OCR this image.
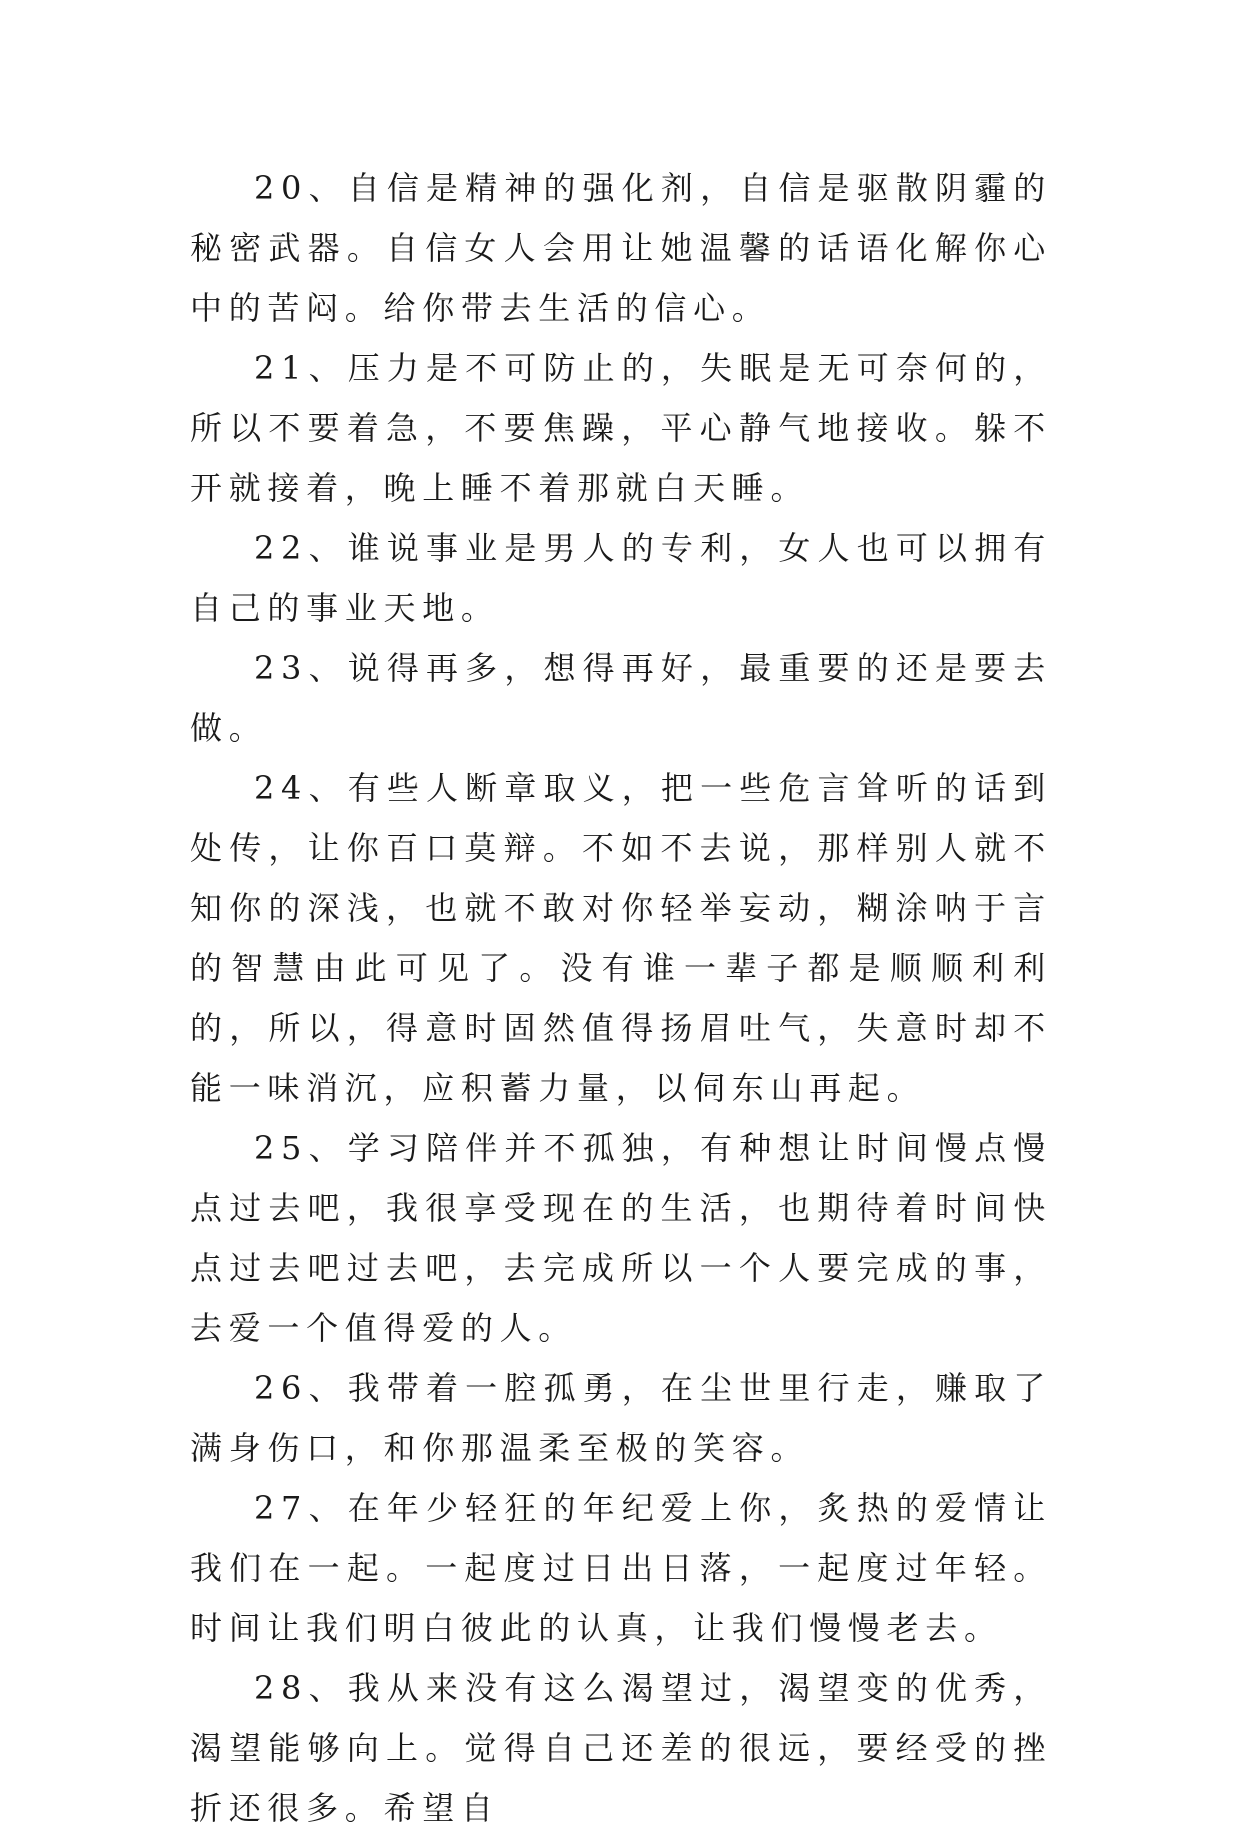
20、自信是精神的强化剂，自信是驱散阴霾的秘密武器。自信女人会用让她温馨的话语化解你心中的苦闷。给你带去生活的信心。

21、压力是不可防止的，失眠是无可奈何的，所以不要着急，不要焦躁，平心静气地接收。躲不开就接着，晚上睡不着那就白天睡。

22、谁说事业是男人的专利，女人也可以拥有自己的事业天地。

23、说得再多，想得再好，最重要的还是要去做。

24、有些人断章取义，把一些危言耸听的话到处传，让你百口莫辩。不如不去说，那样别人就不知你的深浅，也就不敢对你轻举妄动，糊涂呐于言的智慧由此可见了。没有谁一辈子都是顺顺利利的，所以，得意时固然值得扬眉吐气，失意时却不能一味消沉，应积蓄力量，以伺东山再起。

25、学习陪伴并不孤独，有种想让时间慢点慢点过去吧，我很享受现在的生活，也期待着时间快点过去吧过去吧，去完成所以一个人要完成的事，去爱一个值得爱的人。

26、我带着一腔孤勇，在尘世里行走，赚取了满身伤口，和你那温柔至极的笑容。

27、在年少轻狂的年纪爱上你，炙热的爱情让我们在一起。一起度过日出日落，一起度过年轻。时间让我们明白彼此的认真，让我们慢慢老去。

28、我从来没有这么渴望过，渴望变的优秀，渴望能够向上。觉得自己还差的很远，要经受的挫折还很多。希望自
